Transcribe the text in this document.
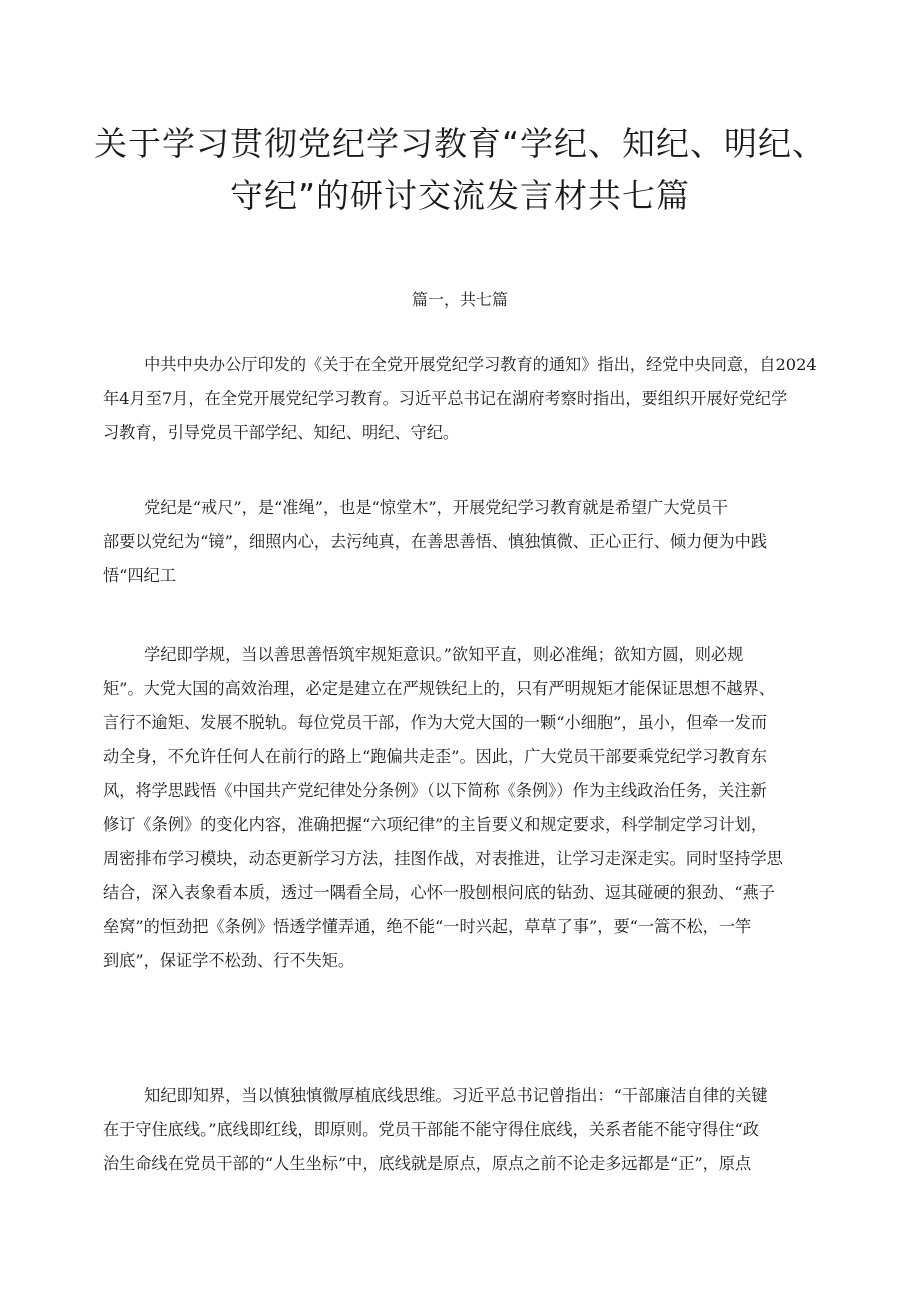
关于学习贯彻党纪学习教育“学纪、知纪、明纪、
守纪”的研讨交流发言材共七篇
篇一，共七篇
中共中央办公厅印发的《关于在全党开展党纪学习教育的通知》指出，经党中央同意，自2024
年4月至7月，在全党开展党纪学习教育。习近平总书记在湖府考察时指出，要组织开展好党纪学
习教育，引导党员干部学纪、知纪、明纪、守纪。
党纪是“戒尺”，是“准绳”，也是“惊堂木”，开展党纪学习教育就是希望广大党员干
部要以党纪为“镜”，细照内心，去污纯真，在善思善悟、慎独慎微、正心正行、倾力便为中践
悟“四纪工
学纪即学规，当以善思善悟筑牢规矩意识。”欲知平直，则必准绳；欲知方圆，则必规
矩”。大党大国的高效治理，必定是建立在严规铁纪上的，只有严明规矩才能保证思想不越界、
言行不逾矩、发展不脱轨。每位党员干部，作为大党大国的一颗“小细胞”，虽小，但牵一发而
动全身，不允许任何人在前行的路上“跑偏共走歪”。因此，广大党员干部要乘党纪学习教育东
风，将学思践悟《中国共产党纪律处分条例》（以下简称《条例》）作为主线政治任务，关注新
修订《条例》的变化内容，准确把握“六项纪律”的主旨要义和规定要求，科学制定学习计划，
周密排布学习模块，动态更新学习方法，挂图作战，对表推进，让学习走深走实。同时坚持学思
结合，深入表象看本质，透过一隅看全局，心怀一股刨根问底的钻劲、逗其碰硬的狠劲、“燕子
垒窝”的恒劲把《条例》悟透学懂弄通，绝不能“一时兴起，草草了事”，要“一篙不松，一竿
到底”，保证学不松劲、行不失矩。
知纪即知界，当以慎独慎微厚植底线思维。习近平总书记曾指出：“干部廉洁自律的关键
在于守住底线。”底线即红线，即原则。党员干部能不能守得住底线，关系者能不能守得住“政
治生命线在党员干部的“人生坐标”中，底线就是原点，原点之前不论走多远都是“正”，原点
